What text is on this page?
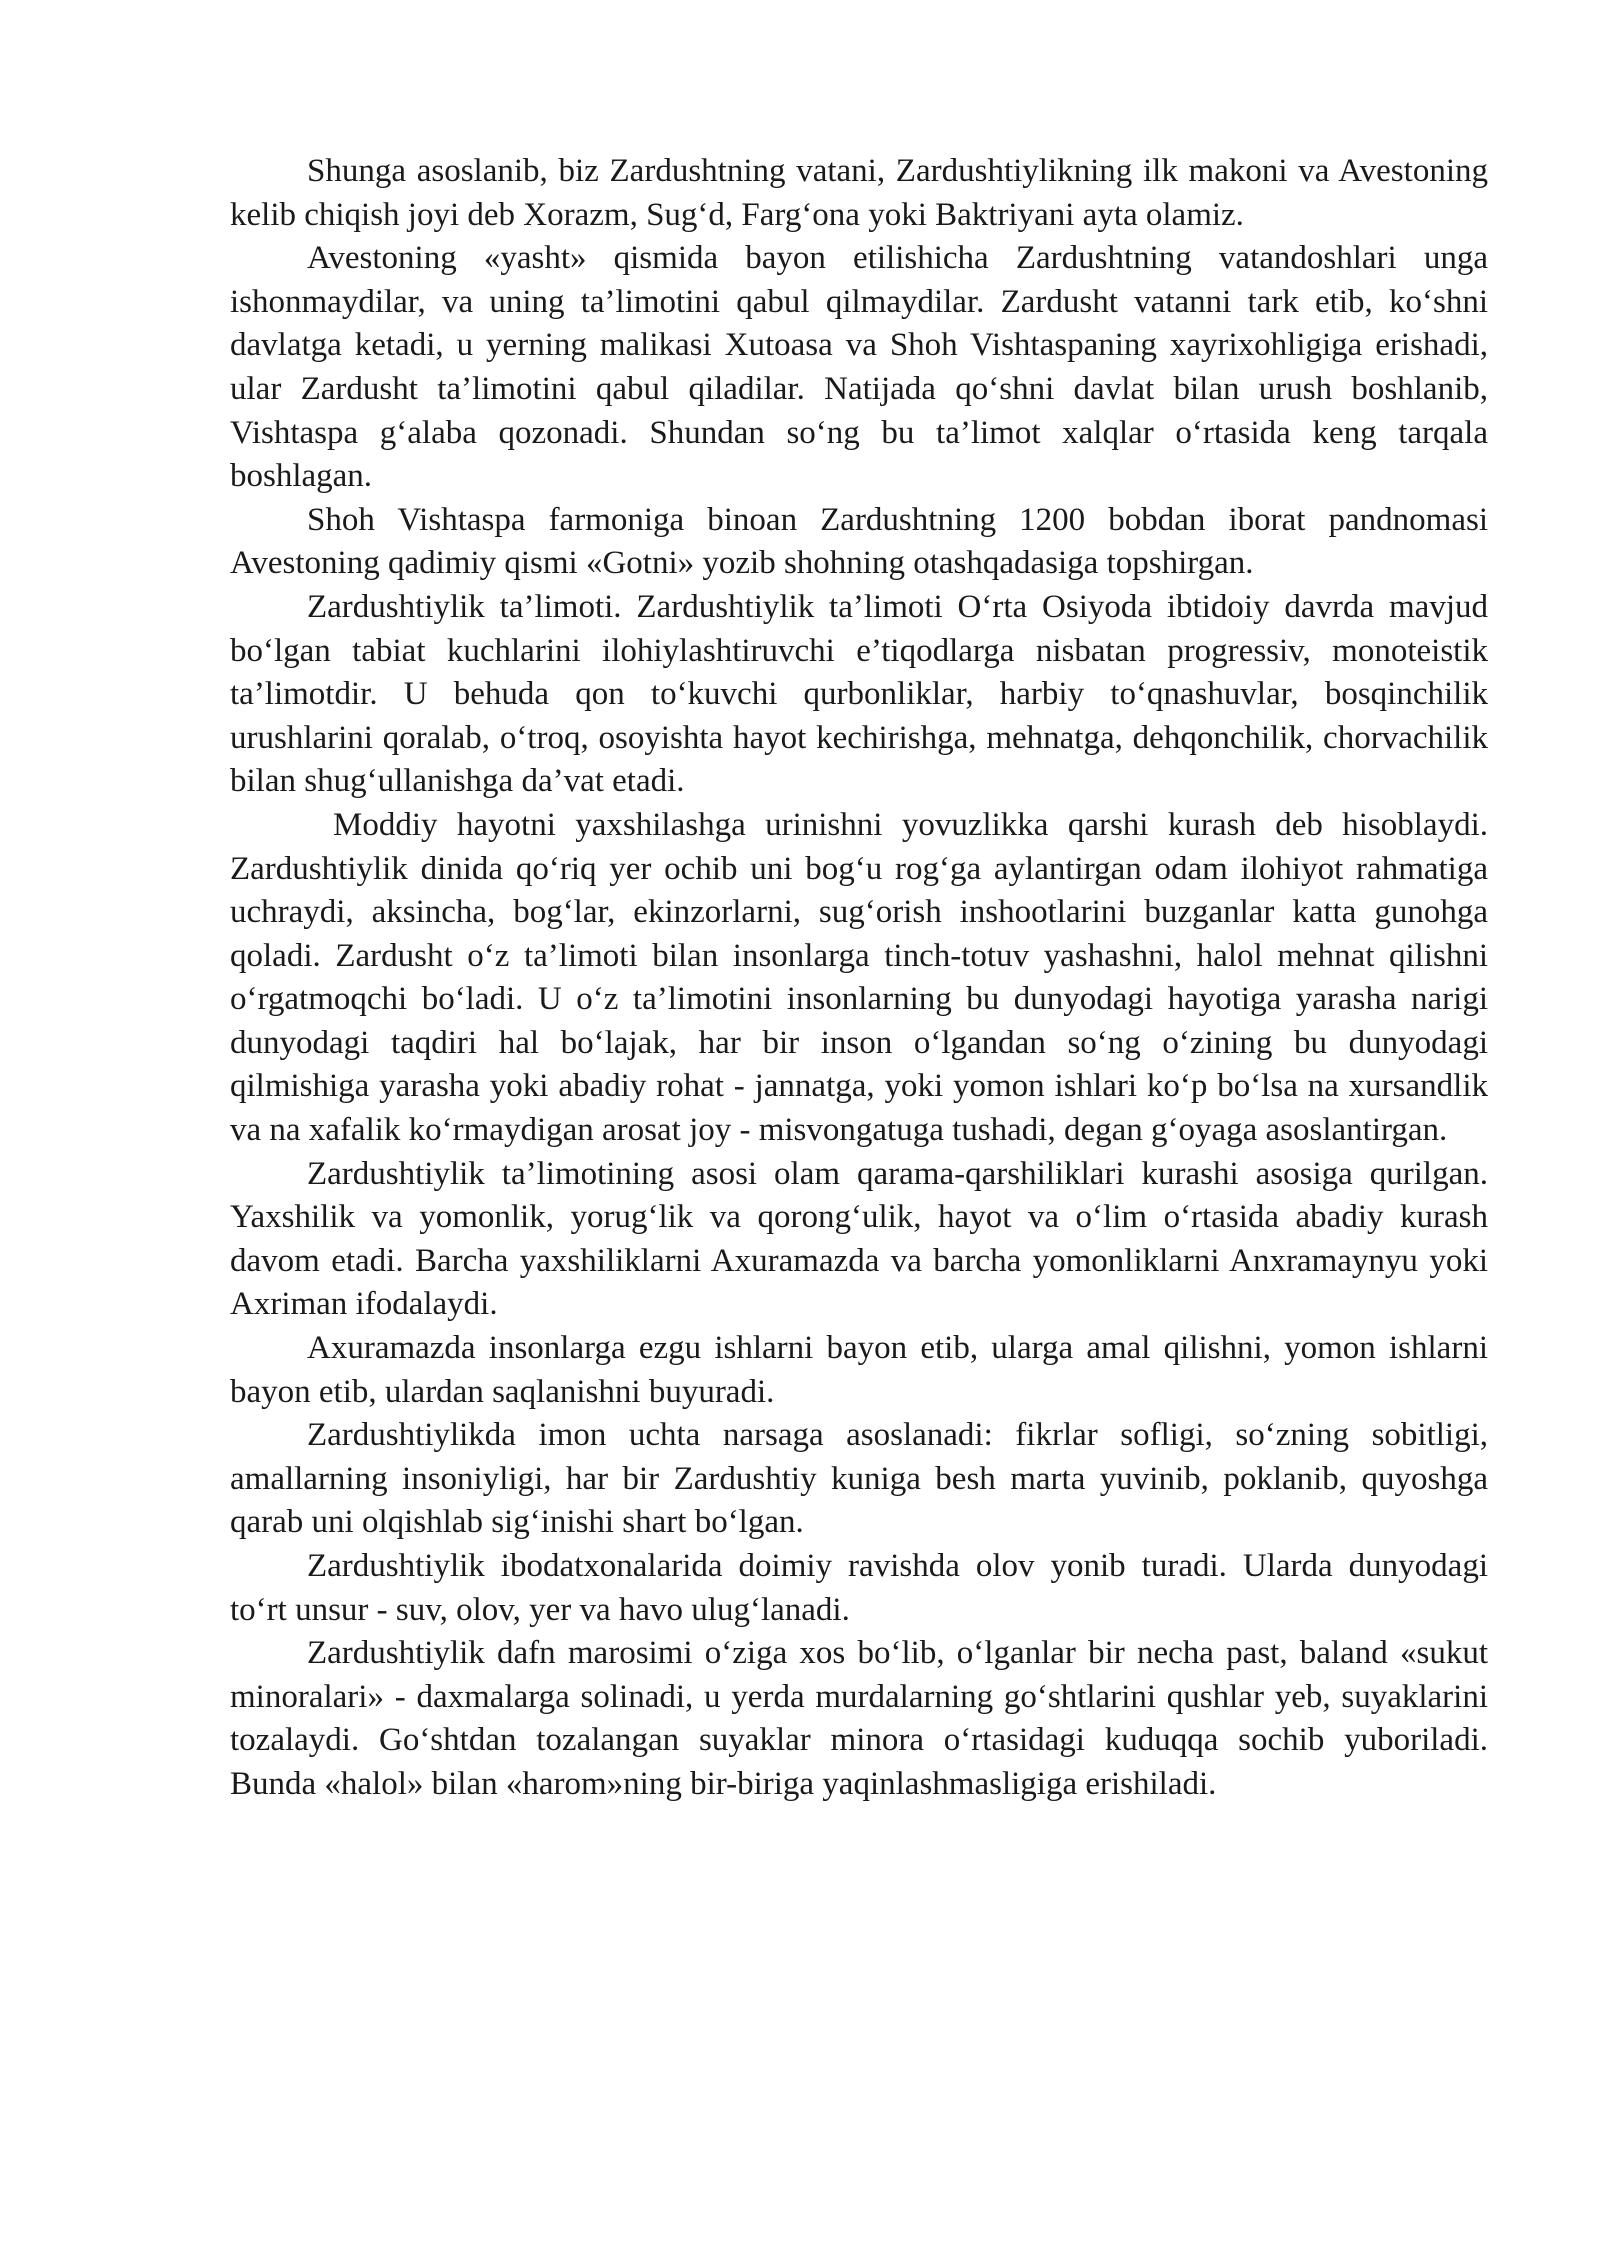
Shunga asoslanib, biz Zardushtning vatani, Zardushtiylikning ilk makoni va Avestoning kelib chiqish joyi deb Xorazm, Sug‘d, Farg‘ona yoki Baktriyani ayta olamiz.

Avestoning «yasht» qismida bayon etilishicha Zardushtning vatandoshlari unga ishonmaydilar, va uning ta’limotini qabul qilmaydilar. Zardusht vatanni tark etib, ko‘shni davlatga ketadi, u yerning malikasi Xutoasa va Shoh Vishtaspaning xayrixohligiga erishadi, ular Zardusht ta’limotini qabul qiladilar. Natijada qo‘shni davlat bilan urush boshlanib, Vishtaspa g‘alaba qozonadi. Shundan so‘ng bu ta’limot xalqlar o‘rtasida keng tarqala boshlagan.

Shoh Vishtaspa farmoniga binoan Zardushtning 1200 bobdan iborat pandnomasi Avestoning qadimiy qismi «Gotni» yozib shohning otashqadasiga topshirgan.

Zardushtiylik ta’limoti. Zardushtiylik ta’limoti O‘rta Osiyoda ibtidoiy davrda mavjud bo‘lgan tabiat kuchlarini ilohiylashtiruvchi e’tiqodlarga nisbatan progressiv, monoteistik ta’limotdir. U behuda qon to‘kuvchi qurbonliklar, harbiy to‘qnashuvlar, bosqinchilik urushlarini qoralab, o‘troq, osoyishta hayot kechirishga, mehnatga, dehqonchilik, chorvachilik bilan shug‘ullanishga da’vat etadi.

Moddiy hayotni yaxshilashga urinishni yovuzlikka qarshi kurash deb hisoblaydi. Zardushtiylik dinida qo‘riq yer ochib uni bog‘u rog‘ga aylantirgan odam ilohiyot rahmatiga uchraydi, aksincha, bog‘lar, ekinzorlarni, sug‘orish inshootlarini buzganlar katta gunohga qoladi. Zardusht o‘z ta’limoti bilan insonlarga tinch-totuv yashashni, halol mehnat qilishni o‘rgatmoqchi bo‘ladi. U o‘z ta’limotini insonlarning bu dunyodagi hayotiga yarasha narigi dunyodagi taqdiri hal bo‘lajak, har bir inson o‘lgandan so‘ng o‘zining bu dunyodagi qilmishiga yarasha yoki abadiy rohat - jannatga, yoki yomon ishlari ko‘p bo‘lsa na xursandlik va na xafalik ko‘rmaydigan arosat joy - misvongatuga tushadi, degan g‘oyaga asoslantirgan.

Zardushtiylik ta’limotining asosi olam qarama-qarshiliklari kurashi asosiga qurilgan. Yaxshilik va yomonlik, yorug‘lik va qorong‘ulik, hayot va o‘lim o‘rtasida abadiy kurash davom etadi. Barcha yaxshiliklarni Axuramazda va barcha yomonliklarni Anxramaynyu yoki Axriman ifodalaydi.

Axuramazda insonlarga ezgu ishlarni bayon etib, ularga amal qilishni, yomon ishlarni bayon etib, ulardan saqlanishni buyuradi.

Zardushtiylikda imon uchta narsaga asoslanadi: fikrlar sofligi, so‘zning sobitligi, amallarning insoniyligi, har bir Zardushtiy kuniga besh marta yuvinib, poklanib, quyoshga qarab uni olqishlab sig‘inishi shart bo‘lgan.

Zardushtiylik ibodatxonalarida doimiy ravishda olov yonib turadi. Ularda dunyodagi to‘rt unsur - suv, olov, yer va havo ulug‘lanadi.

Zardushtiylik dafn marosimi o‘ziga xos bo‘lib, o‘lganlar bir necha past, baland «sukut minoralari» - daxmalarga solinadi, u yerda murdalarning go‘shtlarini qushlar yeb, suyaklarini tozalaydi. Go‘shtdan tozalangan suyaklar minora o‘rtasidagi kuduqqa sochib yuboriladi. Bunda «halol» bilan «harom»ning bir-biriga yaqinlashmasligiga erishiladi.
